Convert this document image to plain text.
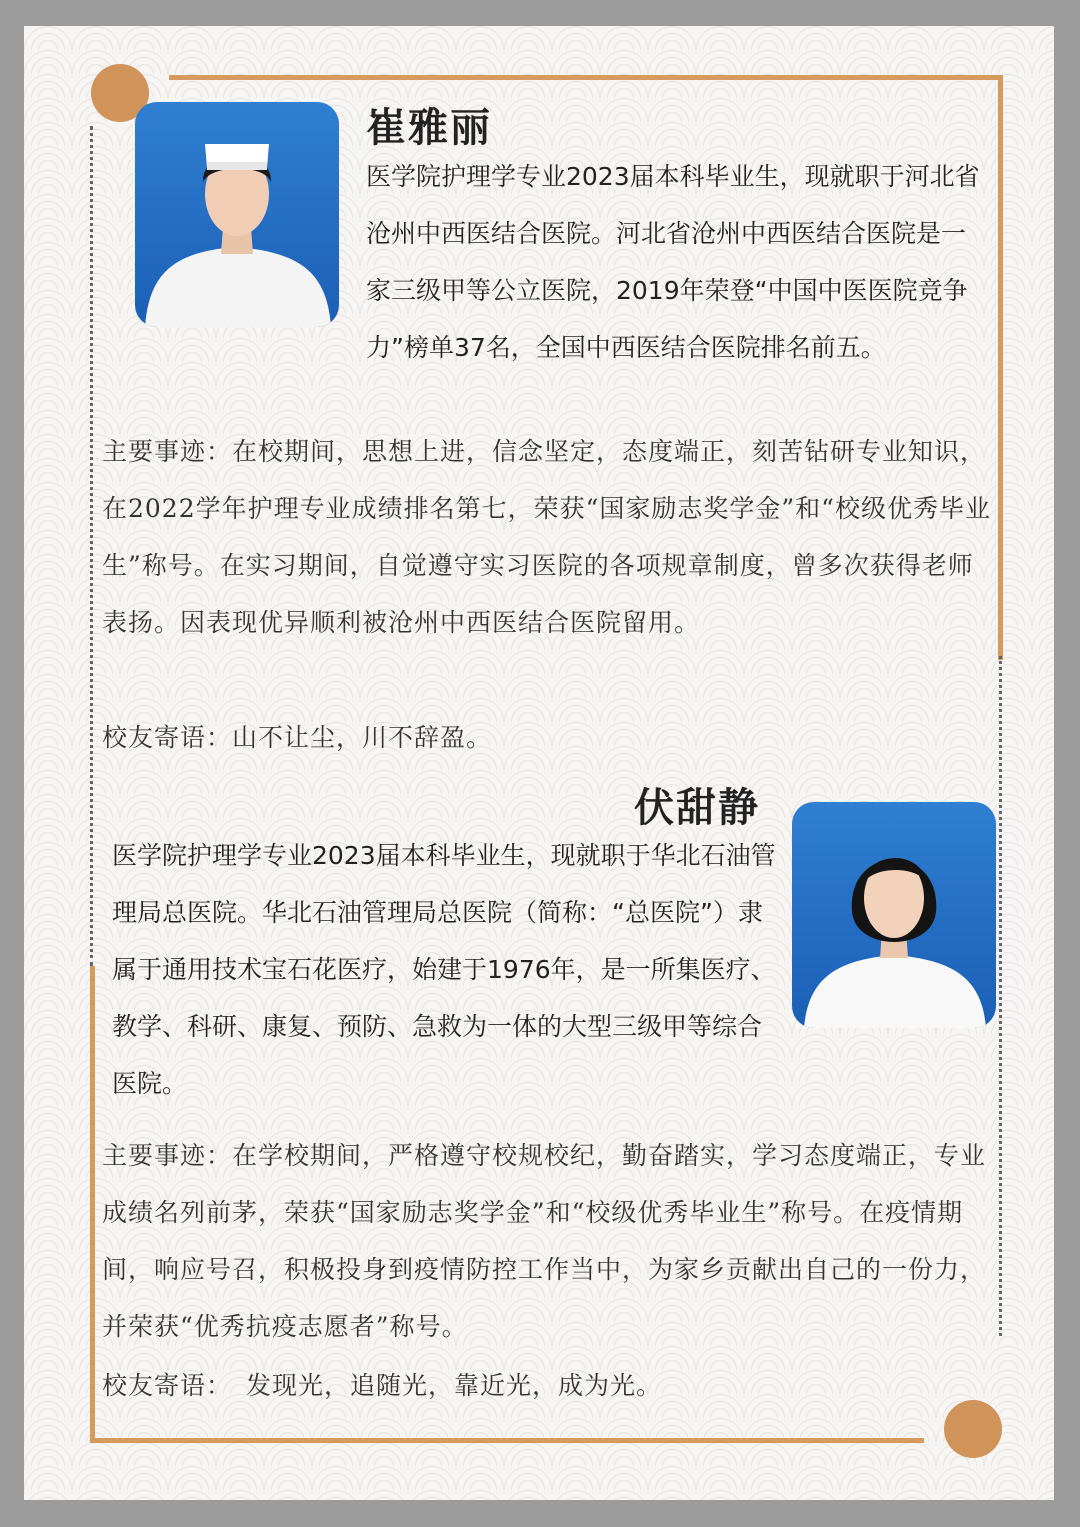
崔雅丽

医学院护理学专业2023届本科毕业生，现就职于河北省沧州中西医结合医院。河北省沧州中西医结合医院是一家三级甲等公立医院，2019年荣登“中国中医医院竞争力”榜单37名，全国中西医结合医院排名前五。

主要事迹：在校期间，思想上进，信念坚定，态度端正，刻苦钻研专业知识，在2022学年护理专业成绩排名第七，荣获“国家励志奖学金”和“校级优秀毕业生”称号。在实习期间，自觉遵守实习医院的各项规章制度，曾多次获得老师表扬。因表现优异顺利被沧州中西医结合医院留用。

校友寄语：山不让尘，川不辞盈。
伏甜静

医学院护理学专业2023届本科毕业生，现就职于华北石油管理局总医院。华北石油管理局总医院（简称：“总医院”）隶属于通用技术宝石花医疗，始建于1976年，是一所集医疗、教学、科研、康复、预防、急救为一体的大型三级甲等综合医院。

主要事迹：在学校期间，严格遵守校规校纪，勤奋踏实，学习态度端正，专业成绩名列前茅，荣获“国家励志奖学金”和“校级优秀毕业生”称号。在疫情期间，响应号召，积极投身到疫情防控工作当中，为家乡贡献出自己的一份力，并荣获“优秀抗疫志愿者”称号。

校友寄语： 发现光，追随光，靠近光，成为光。
